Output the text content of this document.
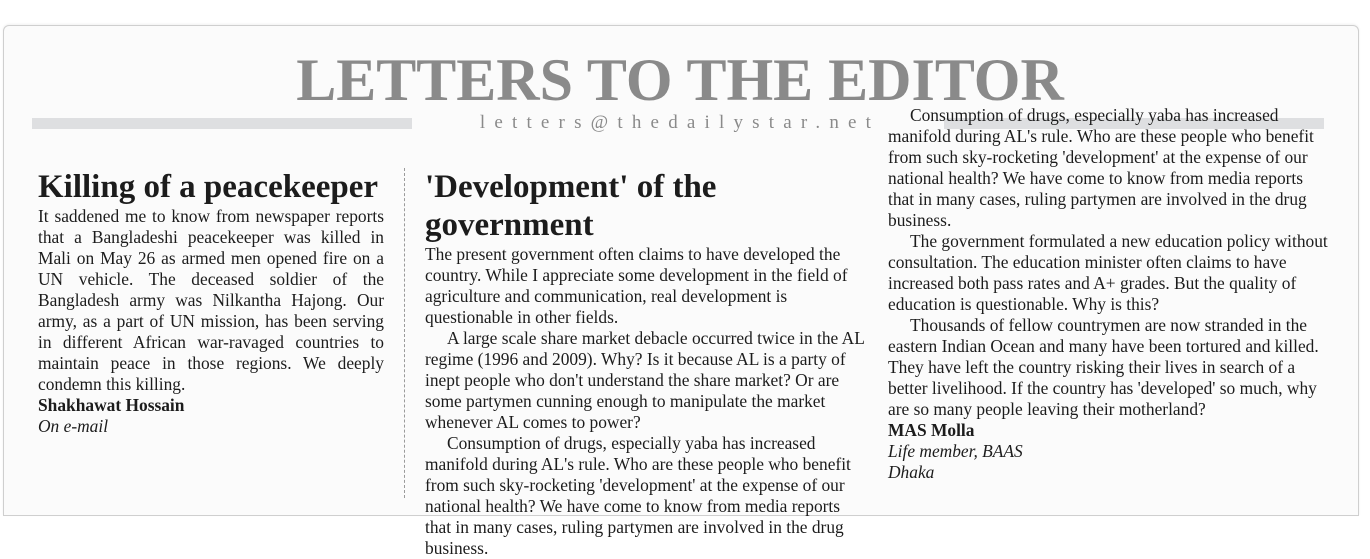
LETTERS TO THE EDITOR
letters@thedailystar.net
Killing of a peacekeeper

It saddened me to know from newspaper reports that a Bangladeshi peacekeeper was killed in Mali on May 26 as armed men opened fire on a UN vehicle. The deceased soldier of the Bangladesh army was Nilkantha Hajong. Our army, as a part of UN mission, has been serving in different African war-ravaged countries to maintain peace in those regions. We deeply condemn this killing.

Shakhawat Hossain

On e-mail

'Development' of the government

The present government often claims to have developed the country. While I appreciate some development in the field of agriculture and communication, real development is questionable in other fields.

A large scale share market debacle occurred twice in the AL regime (1996 and 2009). Why? Is it because AL is a party of inept people who don't understand the share market? Or are some partymen cunning enough to manipulate the market whenever AL comes to power?

Consumption of drugs, especially yaba has increased manifold during AL's rule. Who are these people who benefit from such sky-rocketing 'development' at the expense of our national health? We have come to know from media reports that in many cases, ruling partymen are involved in the drug business.

Consumption of drugs, especially yaba has increased manifold during AL's rule. Who are these people who benefit from such sky-rocketing 'development' at the expense of our national health? We have come to know from media reports that in many cases, ruling partymen are involved in the drug business.

The government formulated a new education policy without consultation. The education minister often claims to have increased both pass rates and A+ grades. But the quality of education is questionable. Why is this?

Thousands of fellow countrymen are now stranded in the eastern Indian Ocean and many have been tortured and killed. They have left the country risking their lives in search of a better livelihood. If the country has 'developed' so much, why are so many people leaving their motherland?

MAS Molla

Life member, BAAS

Dhaka
